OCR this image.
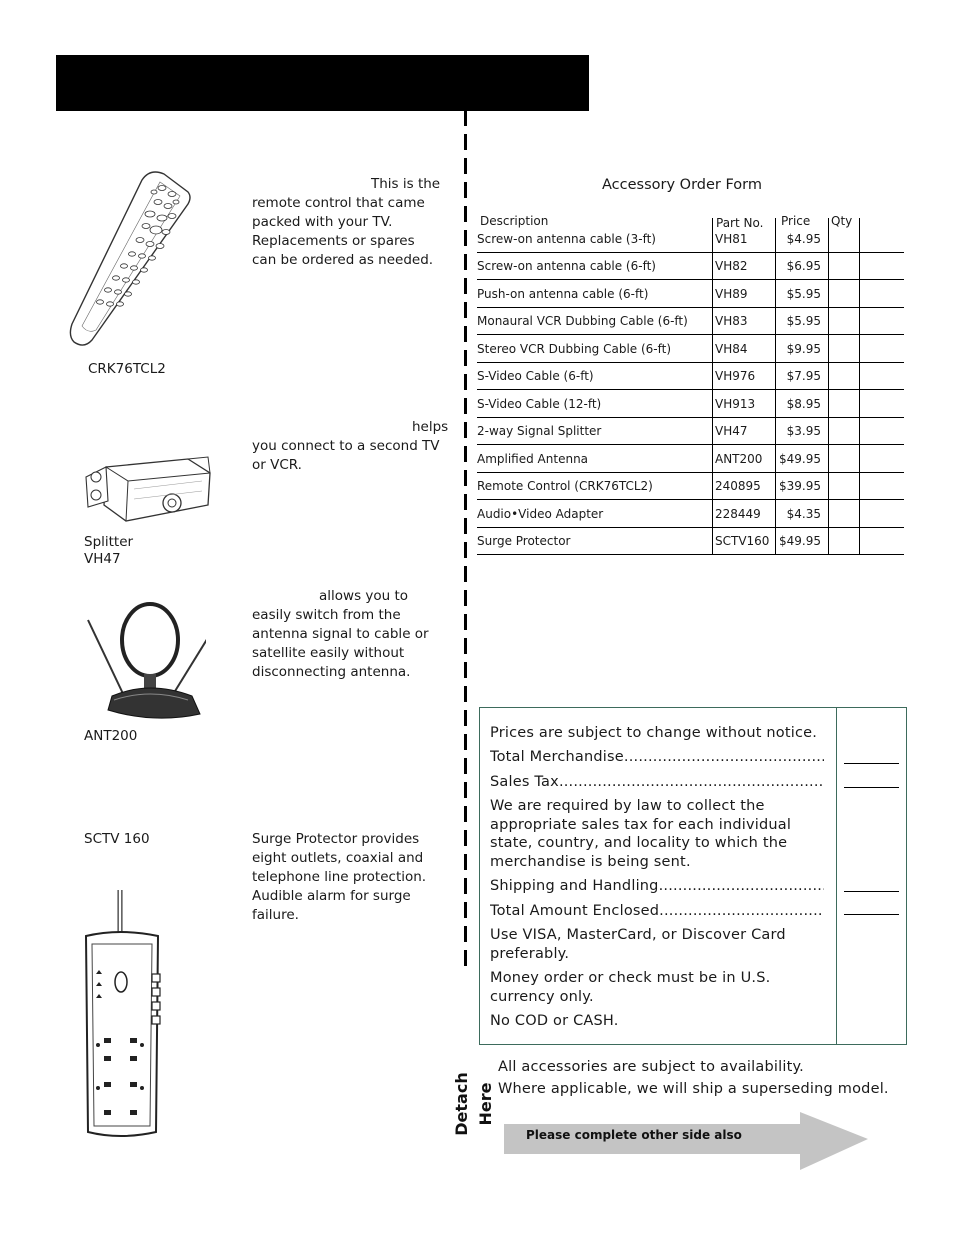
This is the remote control that came packed with your TV. Replacements or spares can be ordered as needed.
CRK76TCL2
helps you connect to a second TV or VCR.
Splitter
VH47
allows you to easily switch from the antenna signal to cable or satellite easily without disconnecting antenna.
ANT200
SCTV 160	Surge Protector provides eight outlets, coaxial and telephone line protection. Audible alarm for surge failure.
Accessory Order Form
Description	Part No. Price Qty
Screw-on antenna cable (3-ft)	VH81	$4.95
Screw-on antenna cable (6-ft)	VH82	$6.95
Push-on antenna cable (6-ft)	VH89	$5.95
Monaural VCR Dubbing Cable (6-ft) VH83	$5.95
Stereo VCR Dubbing Cable (6-ft)	VH84	$9.95
S-Video Cable (6-ft)	VH976	$7.95
S-Video Cable (12-ft)	VH913	$8.95
2-way Signal Splitter	VH47	$3.95
Amplified Antenna	ANT200 $49.95
Remote Control (CRK76TCL2)	240895 $39.95
Audio•Video Adapter	228449 $4.35
Surge Protector	SCTV160 $49.95
Prices are subject to change without notice.
Total Merchandise
.....
Sales Tax
.....
We are required by law to collect the appropriate sales tax for each individual state, country, and locality to which the merchandise is being sent.
Shipping and Handling
.....
Total Amount Enclosed
.....
Use VISA, MasterCard, or Discover Card preferably.
Money order or check must be in U.S. currency only.
No COD or CASH.
All accessories are subject to availability.
Where applicable, we will ship a superseding model.
Detach Here
Please complete other side also
